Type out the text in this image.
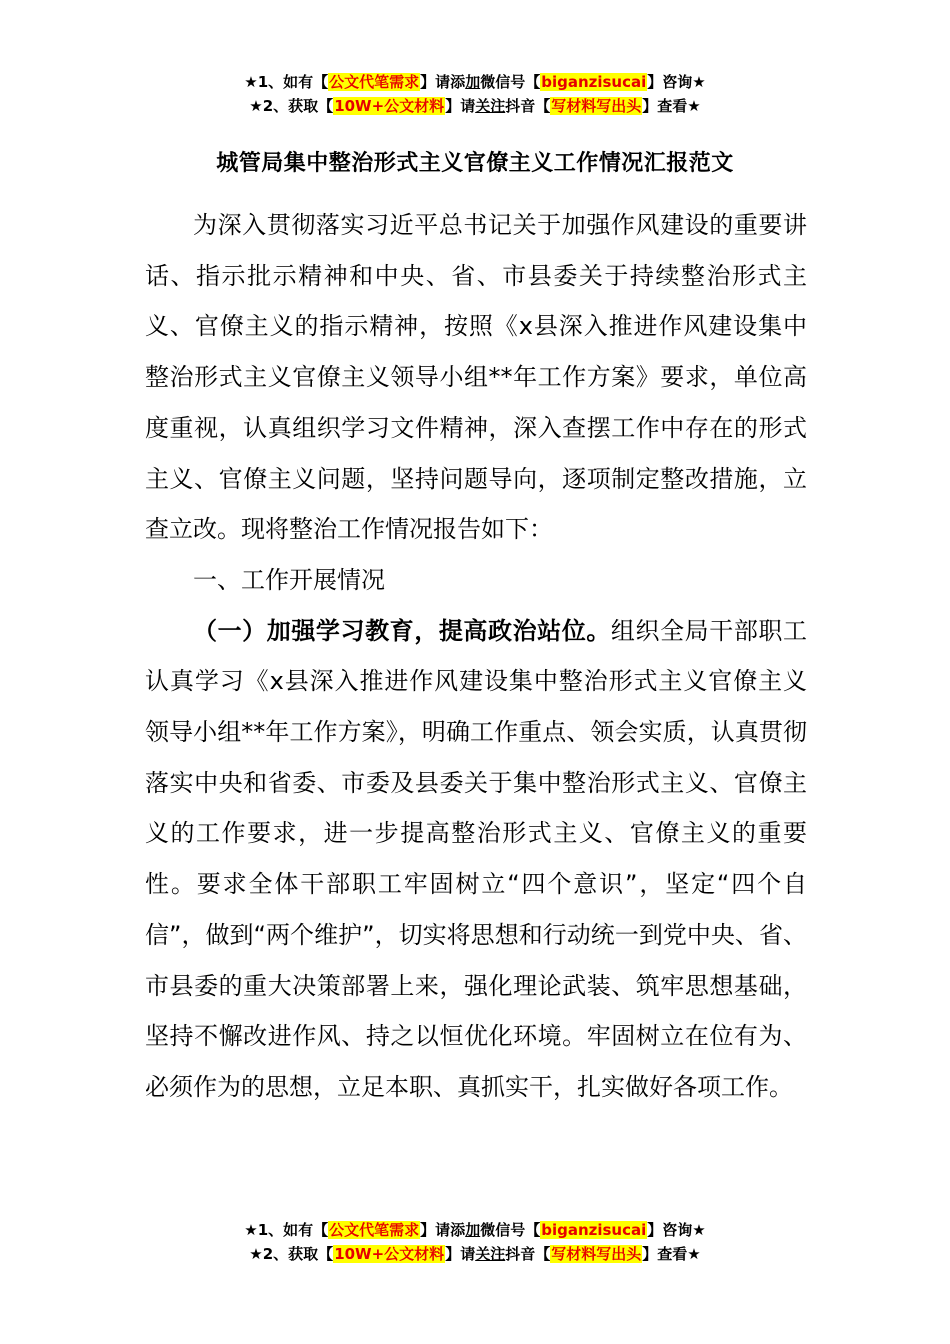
★1、如有【公文代笔需求】请添加微信号【biganzisucai】咨询★
★2、获取【10W+公文材料】请关注抖音【写材料写出头】查看★
城管局集中整治形式主义官僚主义工作情况汇报范文

为深入贯彻落实习近平总书记关于加强作风建设的重要讲话、指示批示精神和中央、省、市县委关于持续整治形式主义、官僚主义的指示精神，按照《x县深入推进作风建设集中整治形式主义官僚主义领导小组**年工作方案》要求，单位高度重视，认真组织学习文件精神，深入查摆工作中存在的形式主义、官僚主义问题，坚持问题导向，逐项制定整改措施，立查立改。现将整治工作情况报告如下：

一、工作开展情况

（一）加强学习教育，提高政治站位。组织全局干部职工认真学习《x县深入推进作风建设集中整治形式主义官僚主义领导小组**年工作方案》，明确工作重点、领会实质，认真贯彻落实中央和省委、市委及县委关于集中整治形式主义、官僚主义的工作要求，进一步提高整治形式主义、官僚主义的重要性。要求全体干部职工牢固树立“四个意识”，坚定“四个自信”，做到“两个维护”，切实将思想和行动统一到党中央、省、市县委的重大决策部署上来，强化理论武装、筑牢思想基础，坚持不懈改进作风、持之以恒优化环境。牢固树立在位有为、必须作为的思想，立足本职、真抓实干，扎实做好各项工作。

★1、如有【公文代笔需求】请添加微信号【biganzisucai】咨询★
★2、获取【10W+公文材料】请关注抖音【写材料写出头】查看★
